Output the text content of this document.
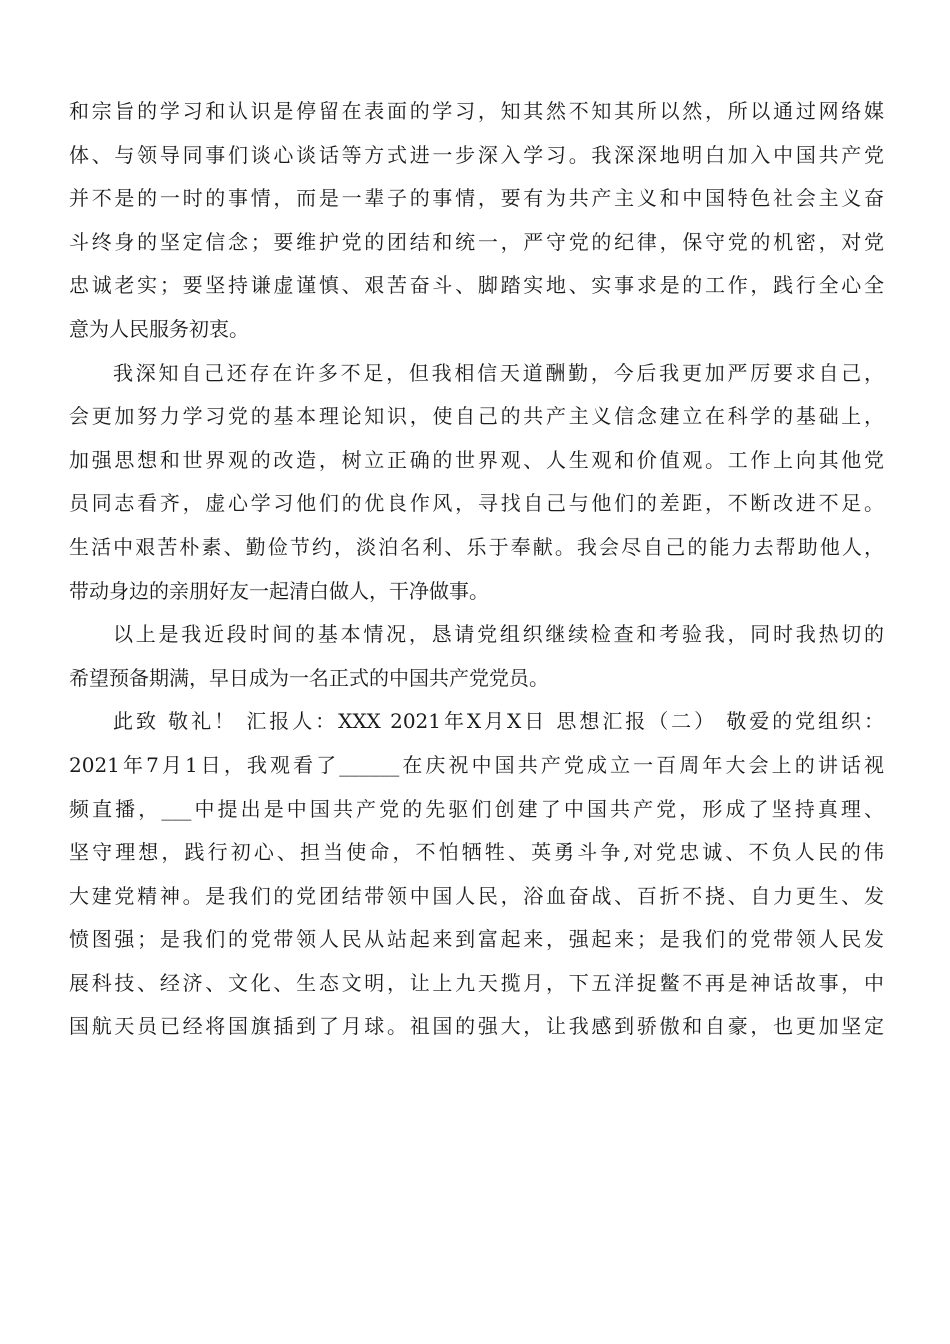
和宗旨的学习和认识是停留在表面的学习，知其然不知其所以然，所以通过网络媒
体、与领导同事们谈心谈话等方式进一步深入学习。我深深地明白加入中国共产党
并不是的一时的事情，而是一辈子的事情，要有为共产主义和中国特色社会主义奋
斗终身的坚定信念；要维护党的团结和统一，严守党的纪律，保守党的机密，对党
忠诚老实；要坚持谦虚谨慎、艰苦奋斗、脚踏实地、实事求是的工作，践行全心全
意为人民服务初衷。
我深知自己还存在许多不足，但我相信天道酬勤，今后我更加严厉要求自己，
会更加努力学习党的基本理论知识，使自己的共产主义信念建立在科学的基础上，
加强思想和世界观的改造，树立正确的世界观、人生观和价值观。工作上向其他党
员同志看齐，虚心学习他们的优良作风，寻找自己与他们的差距，不断改进不足。
生活中艰苦朴素、勤俭节约，淡泊名利、乐于奉献。我会尽自己的能力去帮助他人，
带动身边的亲朋好友一起清白做人，干净做事。
以上是我近段时间的基本情况，恳请党组织继续检查和考验我，同时我热切的
希望预备期满，早日成为一名正式的中国共产党党员。
此致 敬礼！ 汇报人：XXX 2021年X月X日 思想汇报（二） 敬爱的党组织：
2021年7月1日，我观看了______在庆祝中国共产党成立一百周年大会上的讲话视
频直播，___中提出是中国共产党的先驱们创建了中国共产党，形成了坚持真理、
坚守理想，践行初心、担当使命，不怕牺牲、英勇斗争,对党忠诚、不负人民的伟
大建党精神。是我们的党团结带领中国人民，浴血奋战、百折不挠、自力更生、发
愤图强；是我们的党带领人民从站起来到富起来，强起来；是我们的党带领人民发
展科技、经济、文化、生态文明，让上九天揽月，下五洋捉鳖不再是神话故事，中
国航天员已经将国旗插到了月球。祖国的强大，让我感到骄傲和自豪，也更加坚定
